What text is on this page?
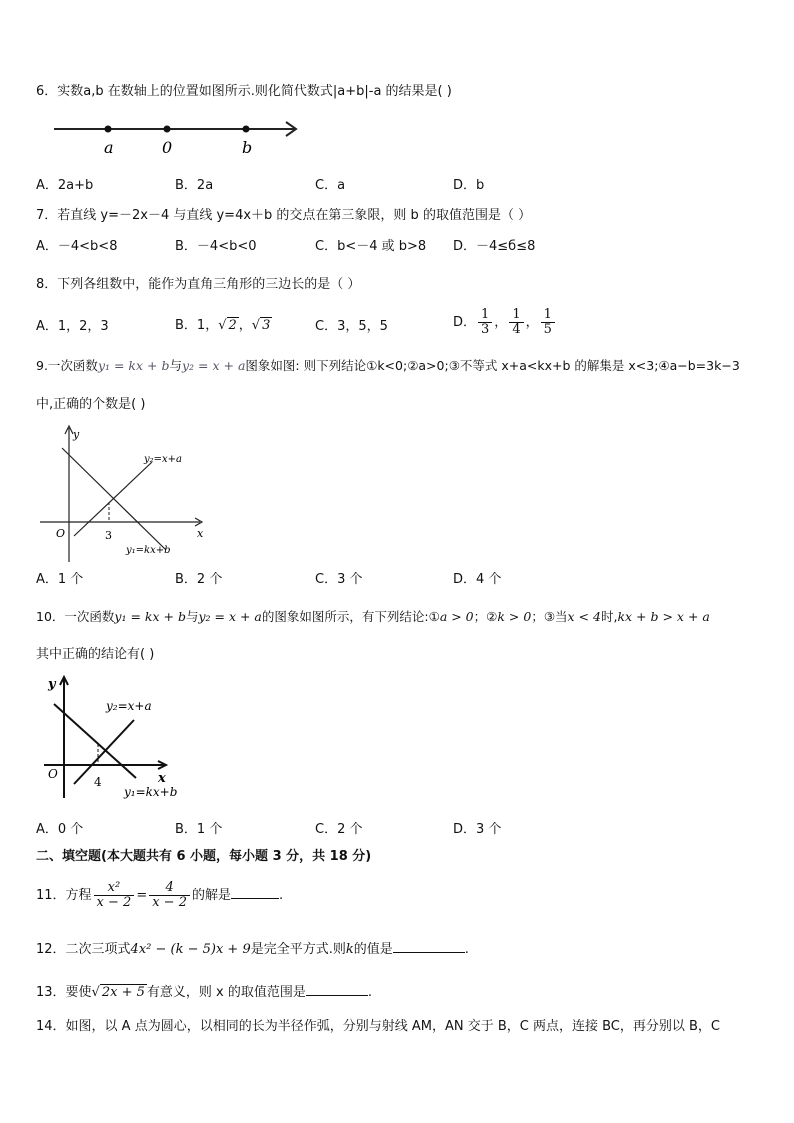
6．实数a,b 在数轴上的位置如图所示.则化简代数式|a+b|-a 的结果是( )
a	0	b
A．2a+b	B．2a	C．a	D．b
7．若直线 y=－2x－4 与直线 y=4x＋b 的交点在第三象限，则 b 的取值范围是（ ）
A．－4<b<8	B．－4<b<0	C．b<－4 或 b>8 D．－4≤б≤8
8．下列各组数中，能作为直角三角形的三边长的是（ ）
A．1，2，3	B．1，√ 2 ，√ 3	C．3，5，5	D． $\frac{1}{3}$ ， $\frac{1}{4}$ ， $\frac{1}{5}$
9.一次函数y₁ = kx + b与y₂ = x + a图象如图: 则下列结论①k<0;②a>0;③不等式 x+a<kx+b 的解集是 x<3;④a−b=3k−3
中,正确的个数是( )
y
x
O	3
y₂=x+a
y₁=kx+b
A．1 个	B．2 个	C．3 个	D．4 个
10．一次函数y₁ = kx + b与y₂ = x + a的图象如图所示，有下列结论:①a > 0；②k > 0；③当x < 4时,kx + b > x + a
其中正确的结论有( )
y
x
O
4
y₂=x+a
y₁=kx+b
A．0 个	B．1 个	C．2 个	D．3 个
二、填空题(本大题共有 6 小题，每小题 3 分，共 18 分)
11．方程 $\frac{\text{x²}}{x - 2} = \frac{4}{x - 2}$ 的解是	.
12．二次三项式4x² − (k − 5)x + 9是完全平方式.则k的值是	.
13．要使√ 2x + 5 有意义，则 x 的取值范围是	.
14．如图，以 A 点为圆心，以相同的长为半径作弧，分别与射线 AM，AN 交于 B，C 两点，连接 BC，再分别以 B，C
